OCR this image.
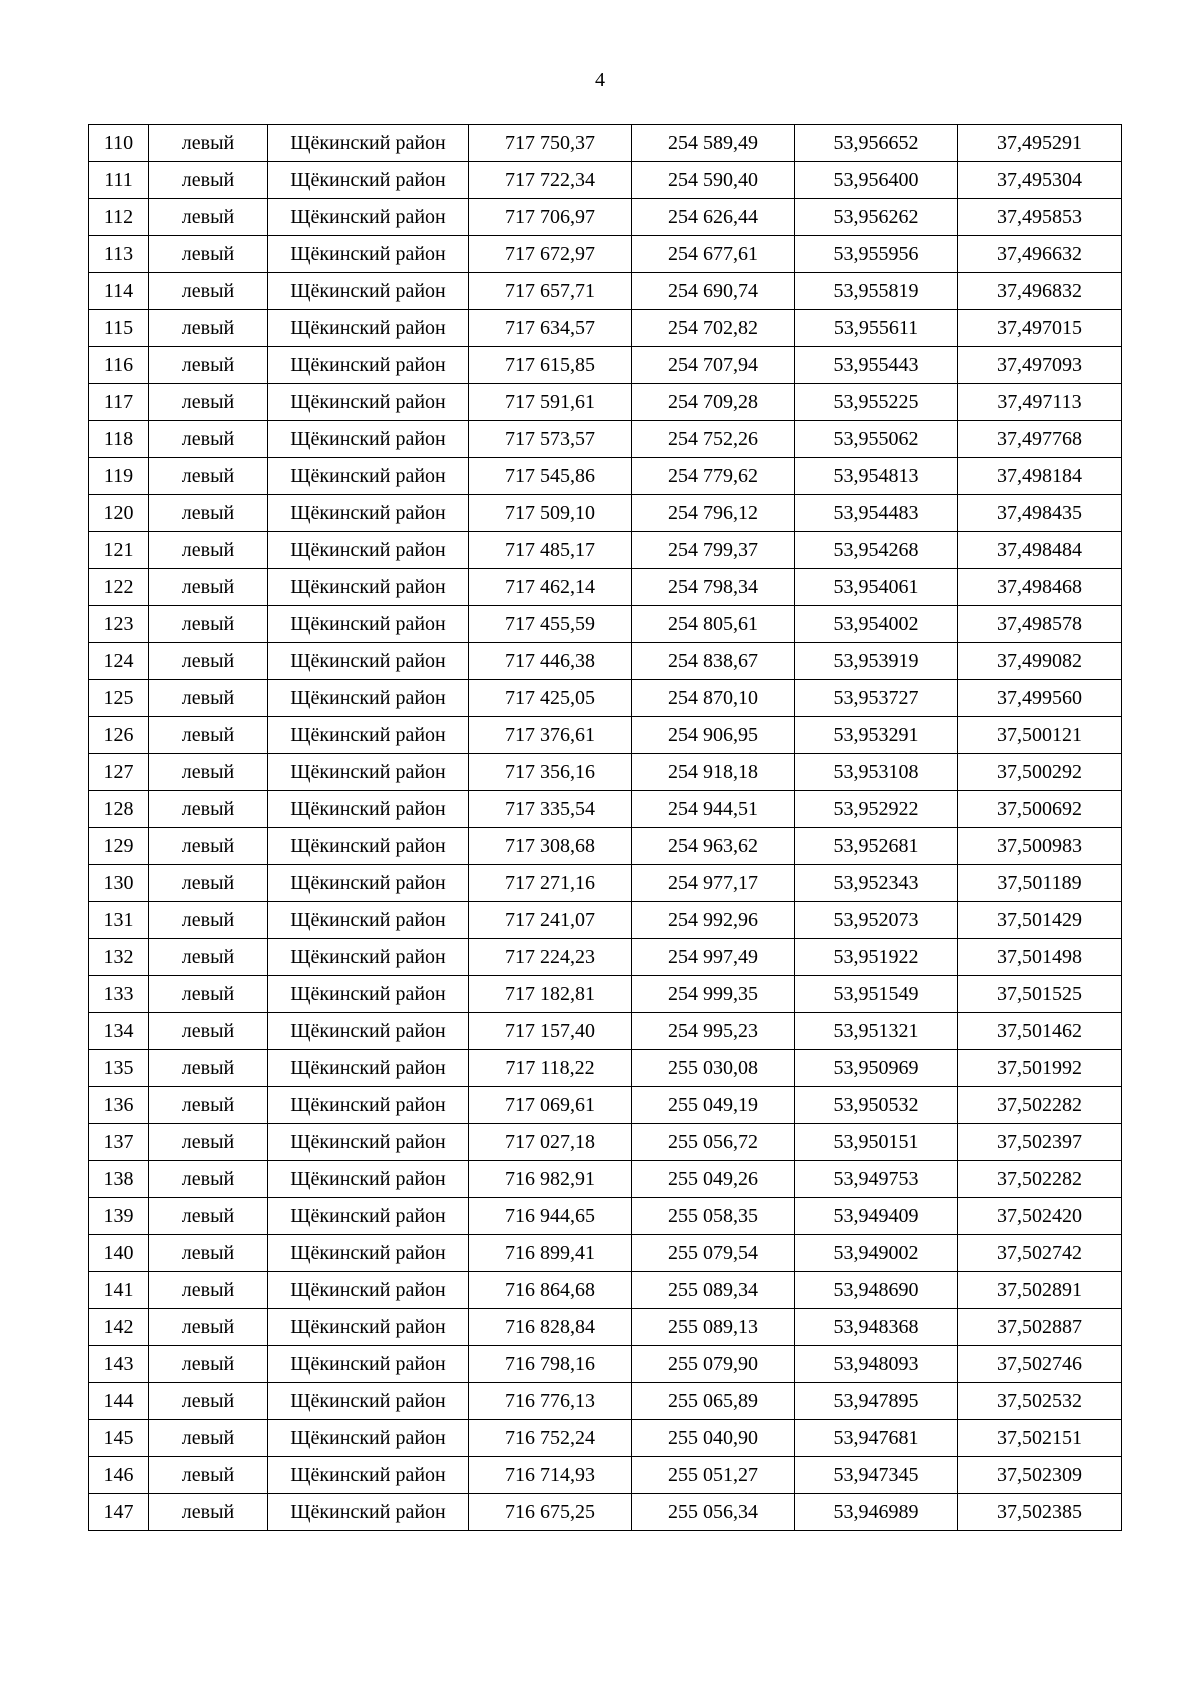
4
110	левый	Щёкинский район	717 750,37	254 589,49	53,956652	37,495291
111	левый	Щёкинский район	717 722,34	254 590,40	53,956400	37,495304
112	левый	Щёкинский район	717 706,97	254 626,44	53,956262	37,495853
113	левый	Щёкинский район	717 672,97	254 677,61	53,955956	37,496632
114	левый	Щёкинский район	717 657,71	254 690,74	53,955819	37,496832
115	левый	Щёкинский район	717 634,57	254 702,82	53,955611	37,497015
116	левый	Щёкинский район	717 615,85	254 707,94	53,955443	37,497093
117	левый	Щёкинский район	717 591,61	254 709,28	53,955225	37,497113
118	левый	Щёкинский район	717 573,57	254 752,26	53,955062	37,497768
119	левый	Щёкинский район	717 545,86	254 779,62	53,954813	37,498184
120	левый	Щёкинский район	717 509,10	254 796,12	53,954483	37,498435
121	левый	Щёкинский район	717 485,17	254 799,37	53,954268	37,498484
122	левый	Щёкинский район	717 462,14	254 798,34	53,954061	37,498468
123	левый	Щёкинский район	717 455,59	254 805,61	53,954002	37,498578
124	левый	Щёкинский район	717 446,38	254 838,67	53,953919	37,499082
125	левый	Щёкинский район	717 425,05	254 870,10	53,953727	37,499560
126	левый	Щёкинский район	717 376,61	254 906,95	53,953291	37,500121
127	левый	Щёкинский район	717 356,16	254 918,18	53,953108	37,500292
128	левый	Щёкинский район	717 335,54	254 944,51	53,952922	37,500692
129	левый	Щёкинский район	717 308,68	254 963,62	53,952681	37,500983
130	левый	Щёкинский район	717 271,16	254 977,17	53,952343	37,501189
131	левый	Щёкинский район	717 241,07	254 992,96	53,952073	37,501429
132	левый	Щёкинский район	717 224,23	254 997,49	53,951922	37,501498
133	левый	Щёкинский район	717 182,81	254 999,35	53,951549	37,501525
134	левый	Щёкинский район	717 157,40	254 995,23	53,951321	37,501462
135	левый	Щёкинский район	717 118,22	255 030,08	53,950969	37,501992
136	левый	Щёкинский район	717 069,61	255 049,19	53,950532	37,502282
137	левый	Щёкинский район	717 027,18	255 056,72	53,950151	37,502397
138	левый	Щёкинский район	716 982,91	255 049,26	53,949753	37,502282
139	левый	Щёкинский район	716 944,65	255 058,35	53,949409	37,502420
140	левый	Щёкинский район	716 899,41	255 079,54	53,949002	37,502742
141	левый	Щёкинский район	716 864,68	255 089,34	53,948690	37,502891
142	левый	Щёкинский район	716 828,84	255 089,13	53,948368	37,502887
143	левый	Щёкинский район	716 798,16	255 079,90	53,948093	37,502746
144	левый	Щёкинский район	716 776,13	255 065,89	53,947895	37,502532
145	левый	Щёкинский район	716 752,24	255 040,90	53,947681	37,502151
146	левый	Щёкинский район	716 714,93	255 051,27	53,947345	37,502309
147	левый	Щёкинский район	716 675,25	255 056,34	53,946989	37,502385
